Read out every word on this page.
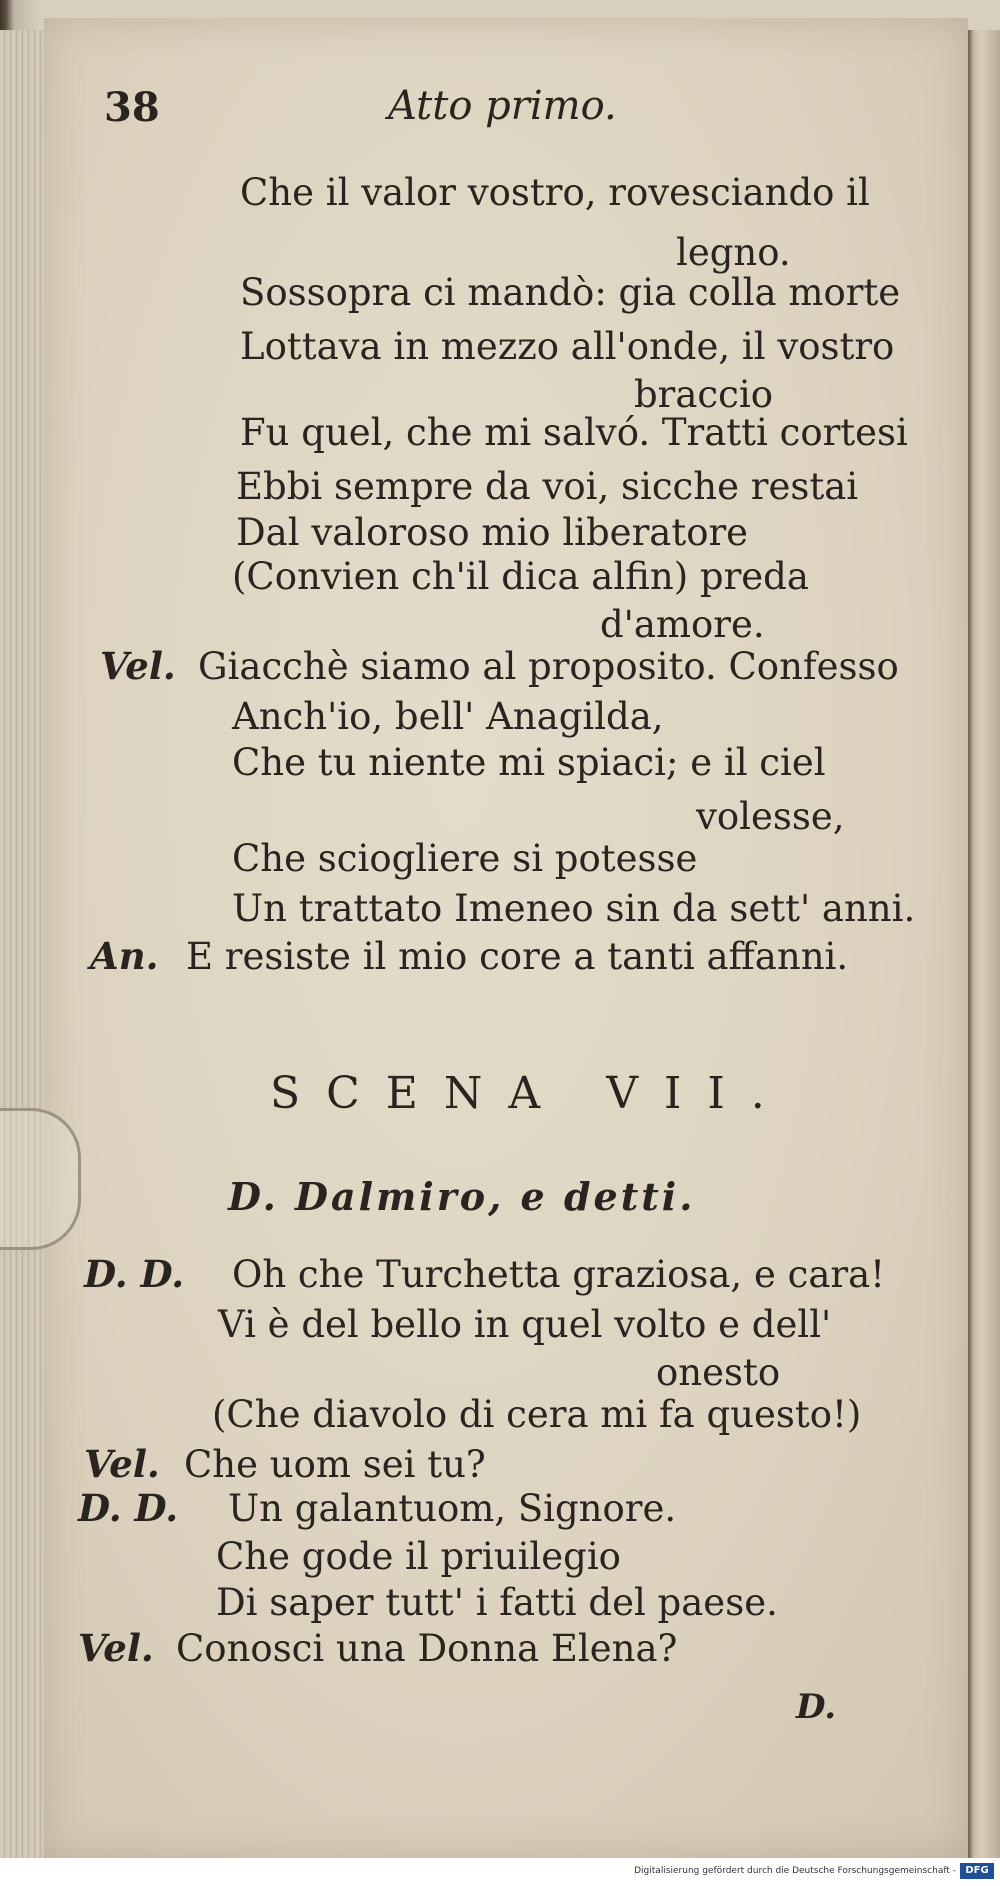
38	Atto primo.
Che il valor vostro, rovesciando il
legno.
Sossopra ci mandò: gia colla morte
Lottava in mezzo all'onde, il vostro
braccio
Fu quel, che mi salvó. Tratti cortesi
Ebbi sempre da voi, sicche restai
Dal valoroso mio liberatore
(Convien ch'il dica alfin) preda
d'amore.
Vel. Giacchè siamo al proposito. Confesso
Anch'io, bell' Anagilda,
Che tu niente mi spiaci; e il ciel
volesse,
Che sciogliere si potesse
Un trattato Imeneo sin da sett' anni.
An. E resiste il mio core a tanti affanni.
SCENA VII.
D. Dalmiro, e detti.
D. D. Oh che Turchetta graziosa, e cara!
Vi è del bello in quel volto e dell'
onesto
(Che diavolo di cera mi fa questo!)
Vel. Che uom sei tu?
D. D. Un galantuom, Signore.
Che gode il priuilegio
Di saper tutt' i fatti del paese.
Vel. Conosci una Donna Elena?
D.
Digitalisierung gefördert durch die Deutsche Forschungsgemeinschaft - DFG
